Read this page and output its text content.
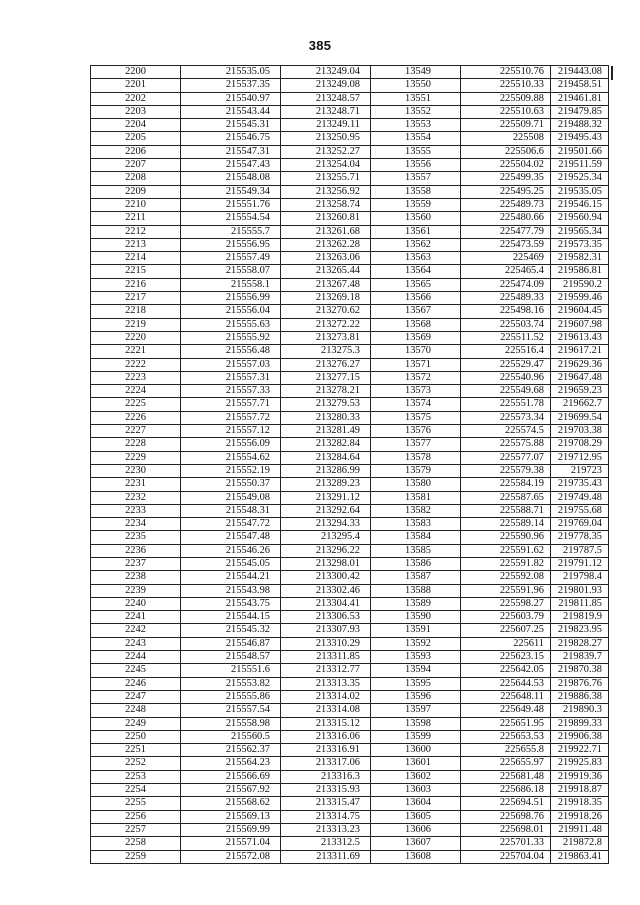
385
2200	215535.05	213249.04	13549	225510.76	219443.08
2201	215537.35	213249.08	13550	225510.33	219458.51
2202	215540.97	213248.57	13551	225509.88	219461.81
2203	215543.44	213248.71	13552	225510.63	219479.85
2204	215545.31	213249.11	13553	225509.71	219488.32
2205	215546.75	213250.95	13554	225508	219495.43
2206	215547.31	213252.27	13555	225506.6	219501.66
2207	215547.43	213254.04	13556	225504.02	219511.59
2208	215548.08	213255.71	13557	225499.35	219525.34
2209	215549.34	213256.92	13558	225495.25	219535.05
2210	215551.76	213258.74	13559	225489.73	219546.15
2211	215554.54	213260.81	13560	225480.66	219560.94
2212	215555.7	213261.68	13561	225477.79	219565.34
2213	215556.95	213262.28	13562	225473.59	219573.35
2214	215557.49	213263.06	13563	225469	219582.31
2215	215558.07	213265.44	13564	225465.4	219586.81
2216	215558.1	213267.48	13565	225474.09	219590.2
2217	215556.99	213269.18	13566	225489.33	219599.46
2218	215556.04	213270.62	13567	225498.16	219604.45
2219	215555.63	213272.22	13568	225503.74	219607.98
2220	215555.92	213273.81	13569	225511.52	219613.43
2221	215556.48	213275.3	13570	225516.4	219617.21
2222	215557.03	213276.27	13571	225529.47	219629.36
2223	215557.31	213277.15	13572	225540.96	219647.48
2224	215557.33	213278.21	13573	225549.68	219659.23
2225	215557.71	213279.53	13574	225551.78	219662.7
2226	215557.72	213280.33	13575	225573.34	219699.54
2227	215557.12	213281.49	13576	225574.5	219703.38
2228	215556.09	213282.84	13577	225575.88	219708.29
2229	215554.62	213284.64	13578	225577.07	219712.95
2230	215552.19	213286.99	13579	225579.38	219723
2231	215550.37	213289.23	13580	225584.19	219735.43
2232	215549.08	213291.12	13581	225587.65	219749.48
2233	215548.31	213292.64	13582	225588.71	219755.68
2234	215547.72	213294.33	13583	225589.14	219769.04
2235	215547.48	213295.4	13584	225590.96	219778.35
2236	215546.26	213296.22	13585	225591.62	219787.5
2237	215545.05	213298.01	13586	225591.82	219791.12
2238	215544.21	213300.42	13587	225592.08	219798.4
2239	215543.98	213302.46	13588	225591.96	219801.93
2240	215543.75	213304.41	13589	225598.27	219811.85
2241	215544.15	213306.53	13590	225603.79	219819.9
2242	215545.32	213307.93	13591	225607.25	219823.95
2243	215546.87	213310.29	13592	225611	219828.27
2244	215548.57	213311.85	13593	225623.15	219839.7
2245	215551.6	213312.77	13594	225642.05	219870.38
2246	215553.82	213313.35	13595	225644.53	219876.76
2247	215555.86	213314.02	13596	225648.11	219886.38
2248	215557.54	213314.08	13597	225649.48	219890.3
2249	215558.98	213315.12	13598	225651.95	219899.33
2250	215560.5	213316.06	13599	225653.53	219906.38
2251	215562.37	213316.91	13600	225655.8	219922.71
2252	215564.23	213317.06	13601	225655.97	219925.83
2253	215566.69	213316.3	13602	225681.48	219919.36
2254	215567.92	213315.93	13603	225686.18	219918.87
2255	215568.62	213315.47	13604	225694.51	219918.35
2256	215569.13	213314.75	13605	225698.76	219918.26
2257	215569.99	213313.23	13606	225698.01	219911.48
2258	215571.04	213312.5	13607	225701.33	219872.8
2259	215572.08	213311.69	13608	225704.04	219863.41
